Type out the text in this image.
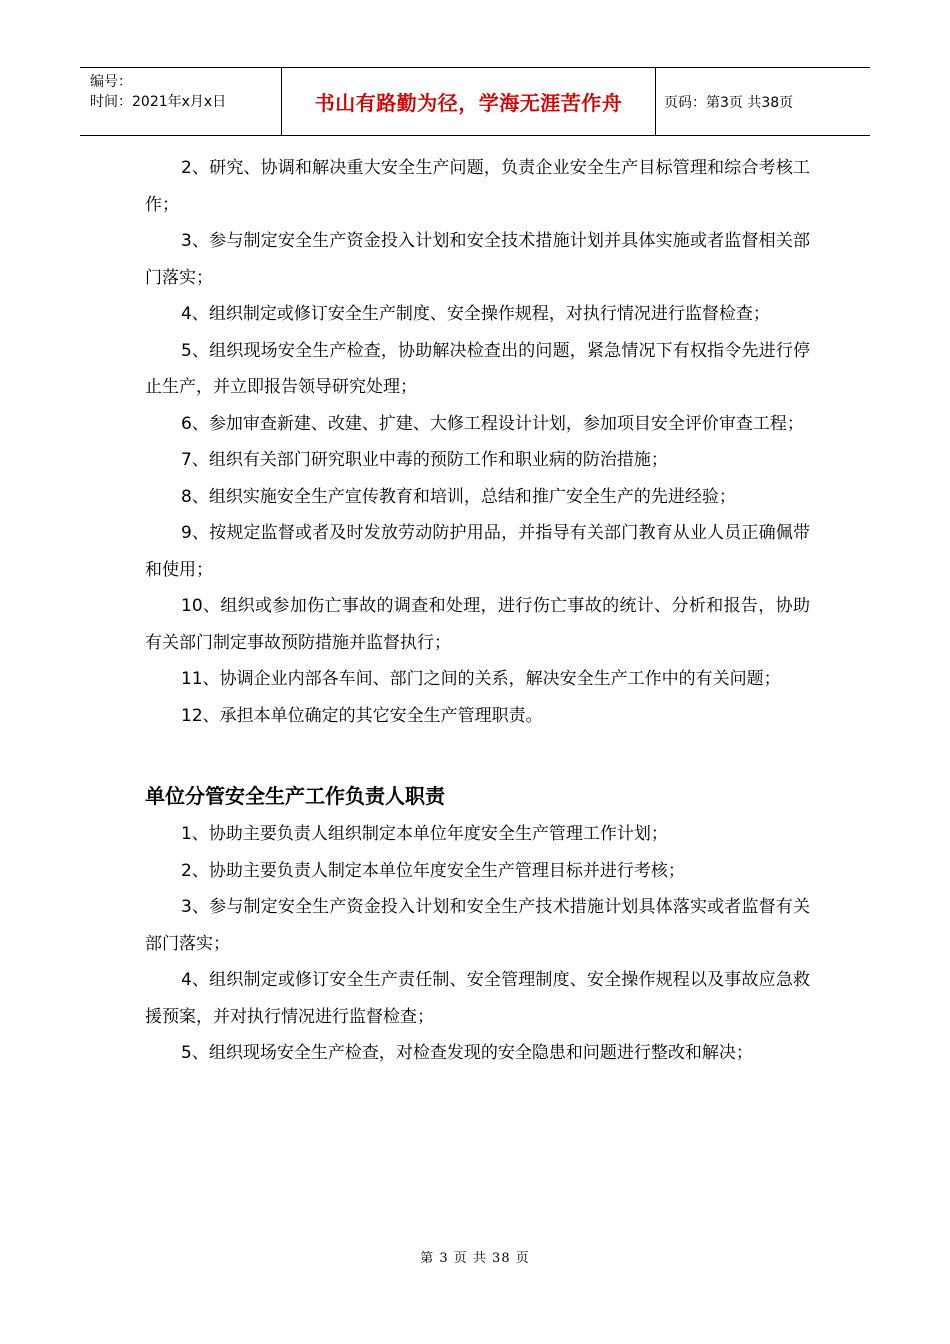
编号：
时间：2021年x月x日	书山有路勤为径，学海无涯苦作舟	页码：第3页 共38页

2、研究、协调和解决重大安全生产问题，负责企业安全生产目标管理和综合考核工作；

3、参与制定安全生产资金投入计划和安全技术措施计划并具体实施或者监督相关部门落实；

4、组织制定或修订安全生产制度、安全操作规程，对执行情况进行监督检查；

5、组织现场安全生产检查，协助解决检查出的问题，紧急情况下有权指令先进行停止生产，并立即报告领导研究处理；

6、参加审查新建、改建、扩建、大修工程设计计划，参加项目安全评价审查工程；

7、组织有关部门研究职业中毒的预防工作和职业病的防治措施；

8、组织实施安全生产宣传教育和培训，总结和推广安全生产的先进经验；

9、按规定监督或者及时发放劳动防护用品，并指导有关部门教育从业人员正确佩带和使用；

10、组织或参加伤亡事故的调查和处理，进行伤亡事故的统计、分析和报告，协助有关部门制定事故预防措施并监督执行；

11、协调企业内部各车间、部门之间的关系，解决安全生产工作中的有关问题；

12、承担本单位确定的其它安全生产管理职责。

单位分管安全生产工作负责人职责

1、协助主要负责人组织制定本单位年度安全生产管理工作计划；

2、协助主要负责人制定本单位年度安全生产管理目标并进行考核；

3、参与制定安全生产资金投入计划和安全生产技术措施计划具体落实或者监督有关部门落实；

4、组织制定或修订安全生产责任制、安全管理制度、安全操作规程以及事故应急救援预案，并对执行情况进行监督检查；

5、组织现场安全生产检查，对检查发现的安全隐患和问题进行整改和解决；

第 3 页 共 38 页
